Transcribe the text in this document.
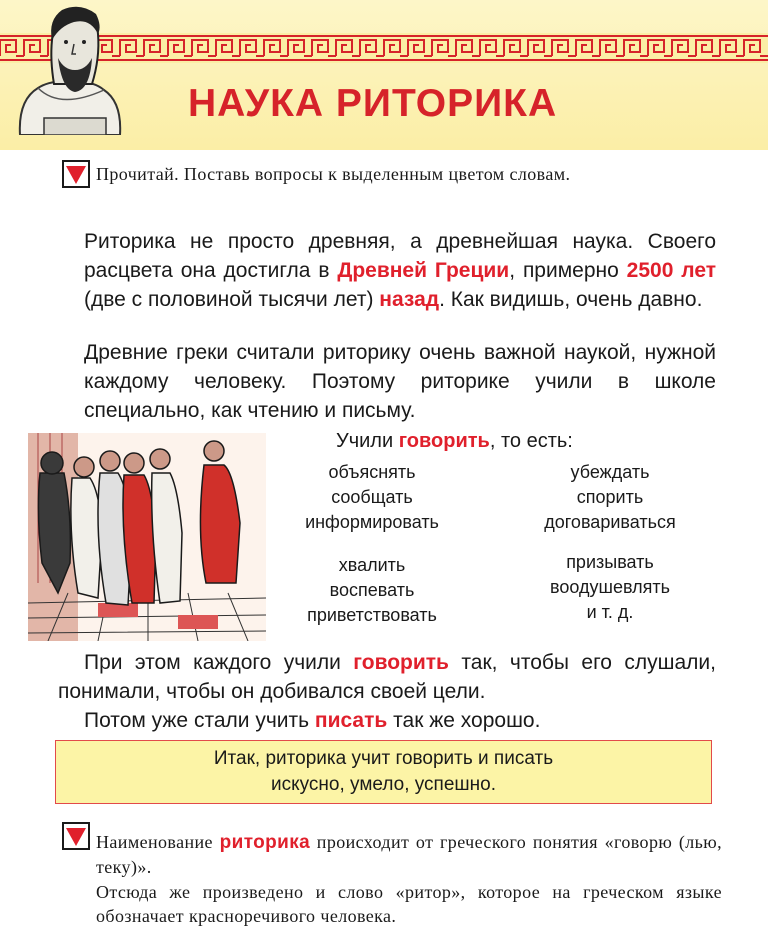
НАУКА РИТОРИКА
Прочитай. Поставь вопросы к выделенным цветом словам.

Риторика не просто древняя, а древнейшая наука. Своего расцвета она достигла в Древней Греции, примерно 2500 лет (две с половиной тысячи лет) назад. Как видишь, очень давно.

Древние греки считали риторику очень важной наукой, нужной каждому человеку. Поэтому риторике учили в школе специально, как чтению и письму.

Учили говорить, то есть:
объяснять
сообщать
информировать
убеждать
спорить
договариваться
хвалить
воспевать
приветствовать
призывать
воодушевлять
и т. д.

При этом каждого учили говорить так, чтобы его слушали, понимали, чтобы он добивался своей цели.

Потом уже стали учить писать так же хорошо.

Итак, риторика учит говорить и писать
искусно, умело, успешно.
Наименование риторика происходит от греческого понятия «говорю (лью, теку)».
Отсюда же произведено и слово «ритор», которое на греческом языке обозначает красноречивого человека.
